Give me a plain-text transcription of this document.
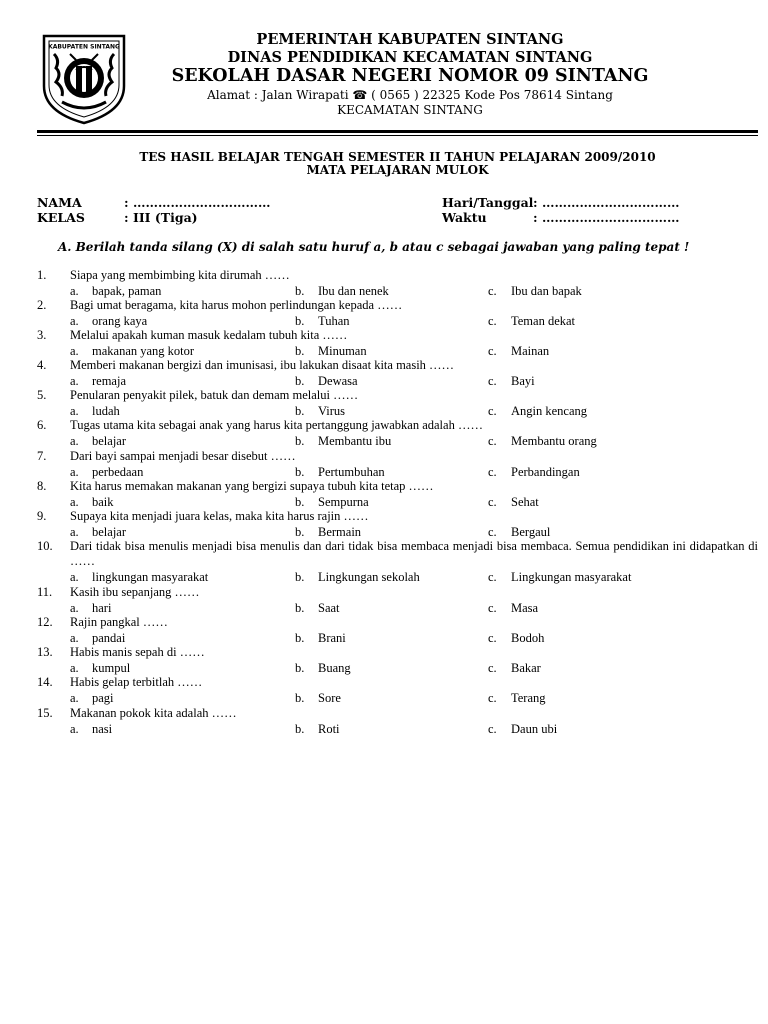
KABUPATEN SINTANG	PEMERINTAH KABUPATEN SINTANG
DINAS PENDIDIKAN KECAMATAN SINTANG
SEKOLAH DASAR NEGERI NOMOR 09 SINTANG
Alamat : Jalan Wirapati ☎ ( 0565 ) 22325 Kode Pos 78614 Sintang
KECAMATAN SINTANG
TES HASIL BELAJAR TENGAH SEMESTER II TAHUN PELAJARAN 2009/2010
MATA PELAJARAN MULOK
NAMA	: ……………………………
KELAS	: III (Tiga)
Hari/Tanggal : ……………………………
Waktu	: ……………………………
A. Berilah tanda silang (X) di salah satu huruf a, b atau c sebagai jawaban yang paling tepat !
1. Siapa yang membimbing kita dirumah ……
a. bapak, paman	b. Ibu dan nenek	c. Ibu dan bapak
2. Bagi umat beragama, kita harus mohon perlindungan kepada ……
a. orang kaya	b. Tuhan	c. Teman dekat
3. Melalui apakah kuman masuk kedalam tubuh kita ……
a. makanan yang kotor	b. Minuman	c. Mainan
4. Memberi makanan bergizi dan imunisasi, ibu lakukan disaat kita masih ……
a. remaja	b. Dewasa	c. Bayi
5. Penularan penyakit pilek, batuk dan demam melalui ……
a. ludah	b. Virus	c. Angin kencang
6. Tugas utama kita sebagai anak yang harus kita pertanggung jawabkan adalah ……
a. belajar	b. Membantu ibu	c. Membantu orang
7. Dari bayi sampai menjadi besar disebut ……
a. perbedaan	b. Pertumbuhan	c. Perbandingan
8. Kita harus memakan makanan yang bergizi supaya tubuh kita tetap ……
a. baik	b. Sempurna	c. Sehat
9. Supaya kita menjadi juara kelas, maka kita harus rajin ……
a. belajar	b. Bermain	c. Bergaul
10. Dari tidak bisa menulis menjadi bisa menulis dan dari tidak bisa membaca menjadi bisa membaca. Semua pendidikan ini didapatkan di ……
a. lingkungan masyarakat	b. Lingkungan sekolah	c. Lingkungan masyarakat
11. Kasih ibu sepanjang ……
a. hari	b. Saat	c. Masa
12. Rajin pangkal ……
a. pandai	b. Brani	c. Bodoh
13. Habis manis sepah di ……
a. kumpul	b. Buang	c. Bakar
14. Habis gelap terbitlah ……
a. pagi	b. Sore	c. Terang
15. Makanan pokok kita adalah ……
a. nasi	b. Roti	c. Daun ubi
